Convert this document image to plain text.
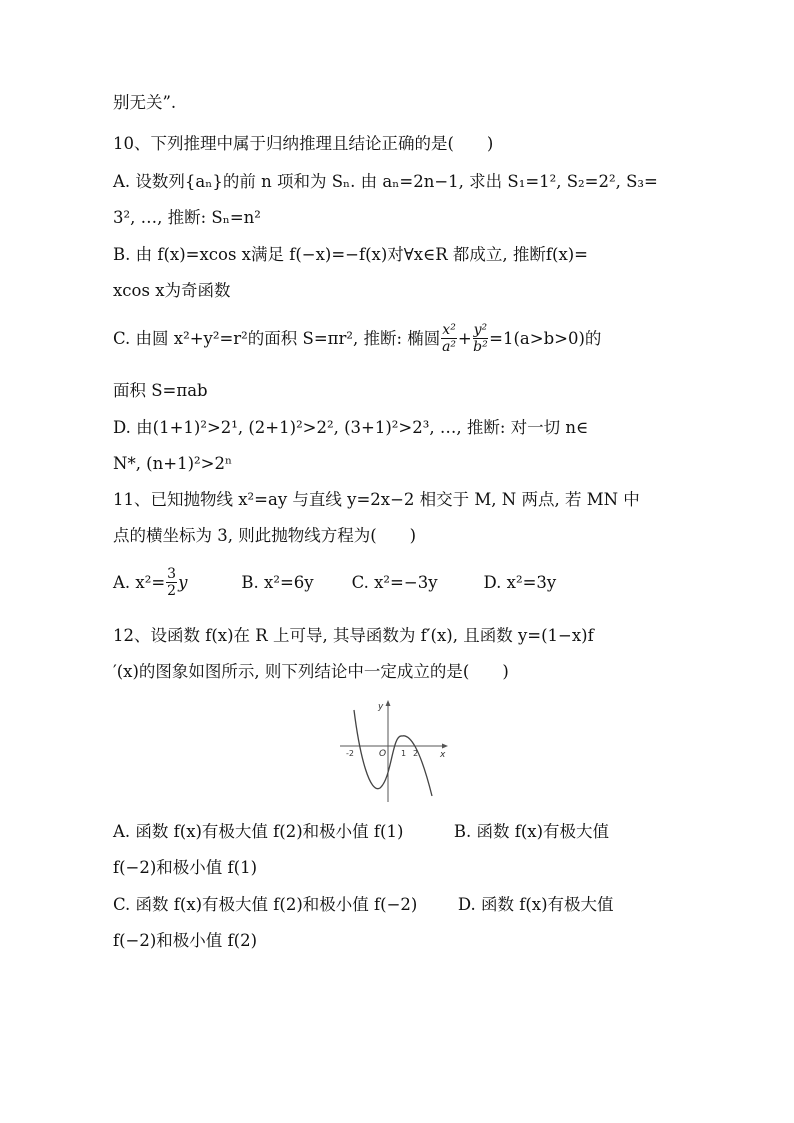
别无关”.
10、下列推理中属于归纳推理且结论正确的是(　　)
A. 设数列{aₙ}的前 n 项和为 Sₙ. 由 aₙ=2n−1, 求出 S₁=1², S₂=2², S₃=
3², …, 推断: Sₙ=n²
B. 由 f(x)=xcos x满足 f(−x)=−f(x)对∀x∈R 都成立, 推断f(x)=
xcos x为奇函数
C. 由圆 x²+y²=r²的面积 S=πr², 推断: 椭圆 $\frac{\text{x²}}{\text{a²}} + \frac{\text{y²}}{\text{b²}} =1(a>b>0)$的
面积 S=πab
D. 由(1+1)²>2¹, (2+1)²>2², (3+1)²>2³, …, 推断: 对一切 n∈
N*, (n+1)²>2ⁿ
11、已知抛物线 x²=ay 与直线 y=2x−2 相交于 M, N 两点, 若 MN 中
点的横坐标为 3, 则此抛物线方程为(　　)
A. $x^2= \frac{3}{2}$ y	B. x²=6y C. x²=−3y	D. x²=3y
12、设函数 f(x)在 R 上可导, 其导函数为 f′(x), 且函数 y=(1−x)f
′(x)的图象如图所示, 则下列结论中一定成立的是(　　)
y
x
O
-2	1 2
A. 函数 f(x)有极大值 f(2)和极小值 f(1)	B. 函数 f(x)有极大值
f(−2)和极小值 f(1)
C. 函数 f(x)有极大值 f(2)和极小值 f(−2) D. 函数 f(x)有极大值
f(−2)和极小值 f(2)
